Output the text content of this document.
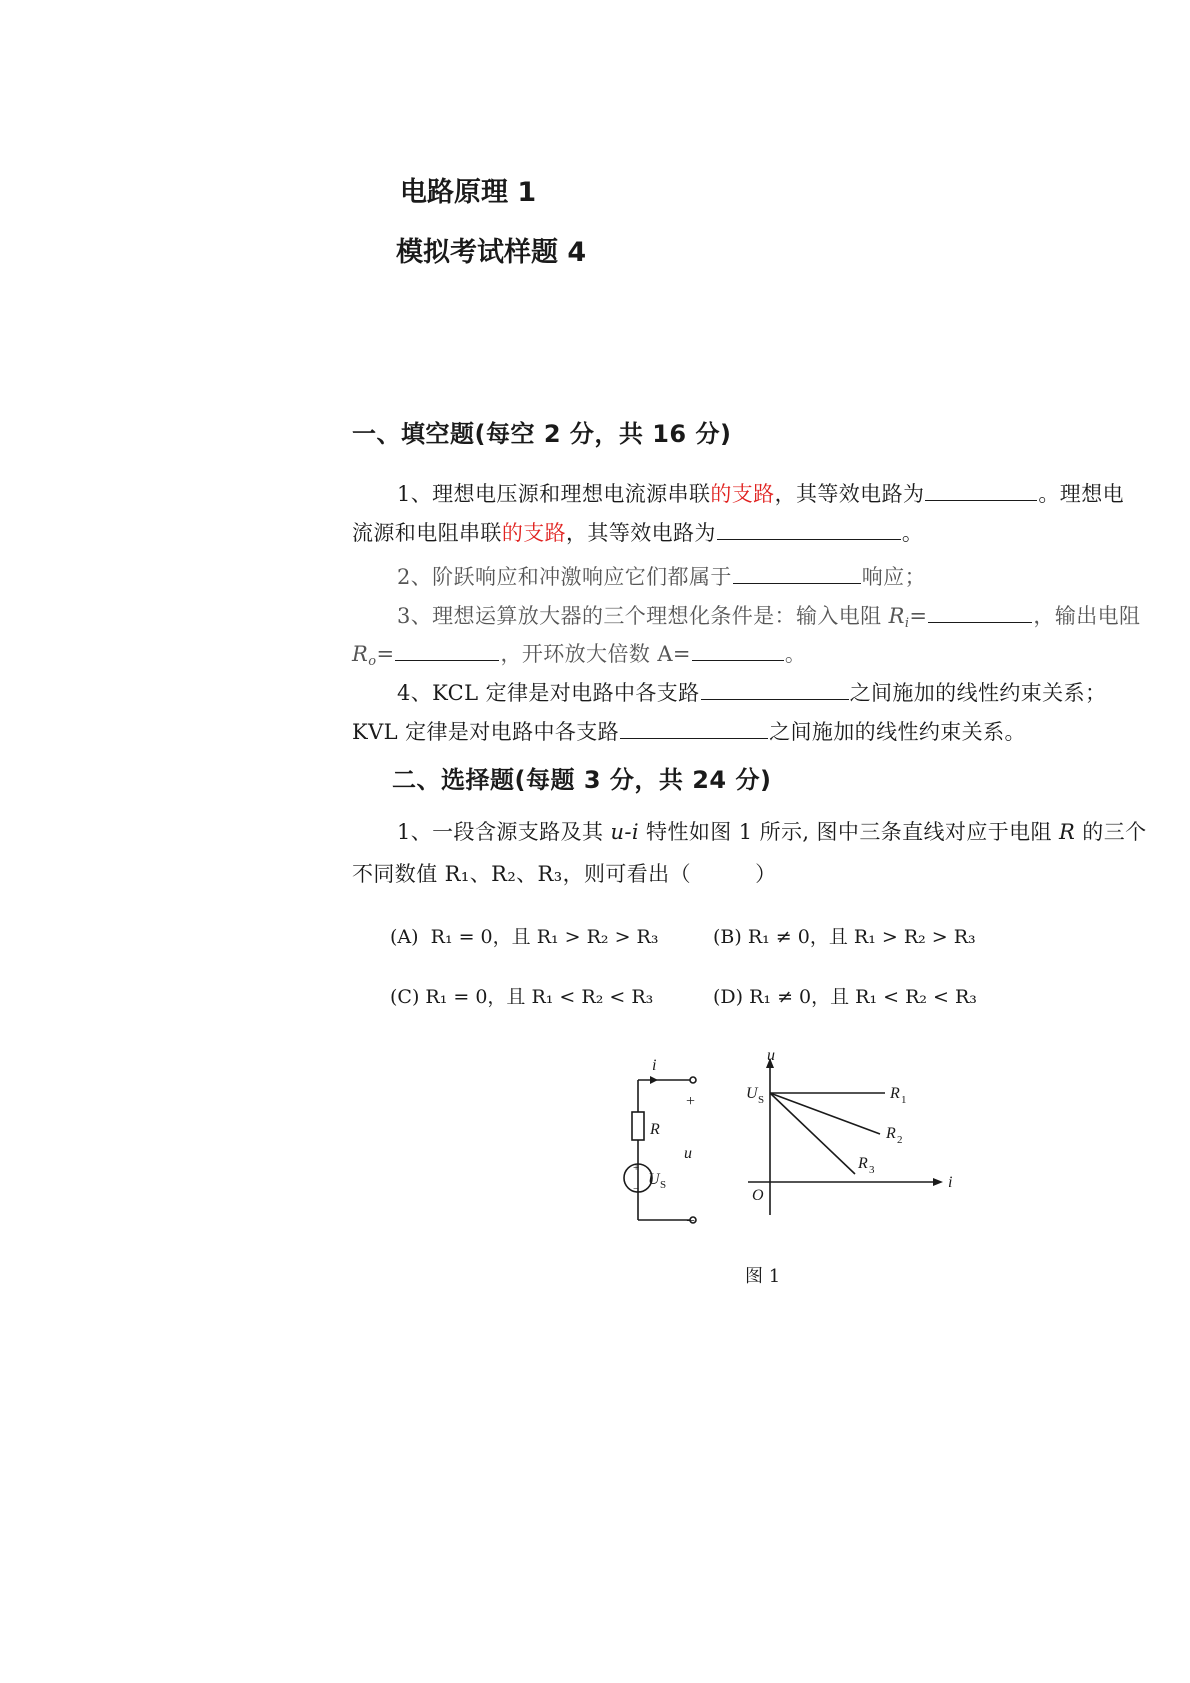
电路原理 1
模拟考试样题 4
一、填空题(每空 2 分，共 16 分)
1、理想电压源和理想电流源串联的支路，其等效电路为	。理想电
流源和电阻串联的支路，其等效电路为	。
2、阶跃响应和冲激响应它们都属于	响应；
3、理想运算放大器的三个理想化条件是：输入电阻 $R_i=$	，输出电阻
$R_o=$	，开环放大倍数 A=	。
4、KCL 定律是对电路中各支路	之间施加的线性约束关系；
KVL 定律是对电路中各支路	之间施加的线性约束关系。
二、选择题(每题 3 分，共 24 分)
1、一段含源支路及其 u-i 特性如图 1 所示, 图中三条直线对应于电阻 R 的三个
不同数值 R₁、R₂、R₃，则可看出（　　　）
(A) R₁ = 0，且 R₁ > R₂ > R₃	(B) R₁ ≠ 0，且 R₁ > R₂ > R₃
(C) R₁ = 0，且 R₁ < R₂ < R₃	(D) R₁ ≠ 0，且 R₁ < R₂ < R₃
i
+
R
u
+
−
U S
−
u
i
O
U S	R 1
R 2
R 3
图 1
